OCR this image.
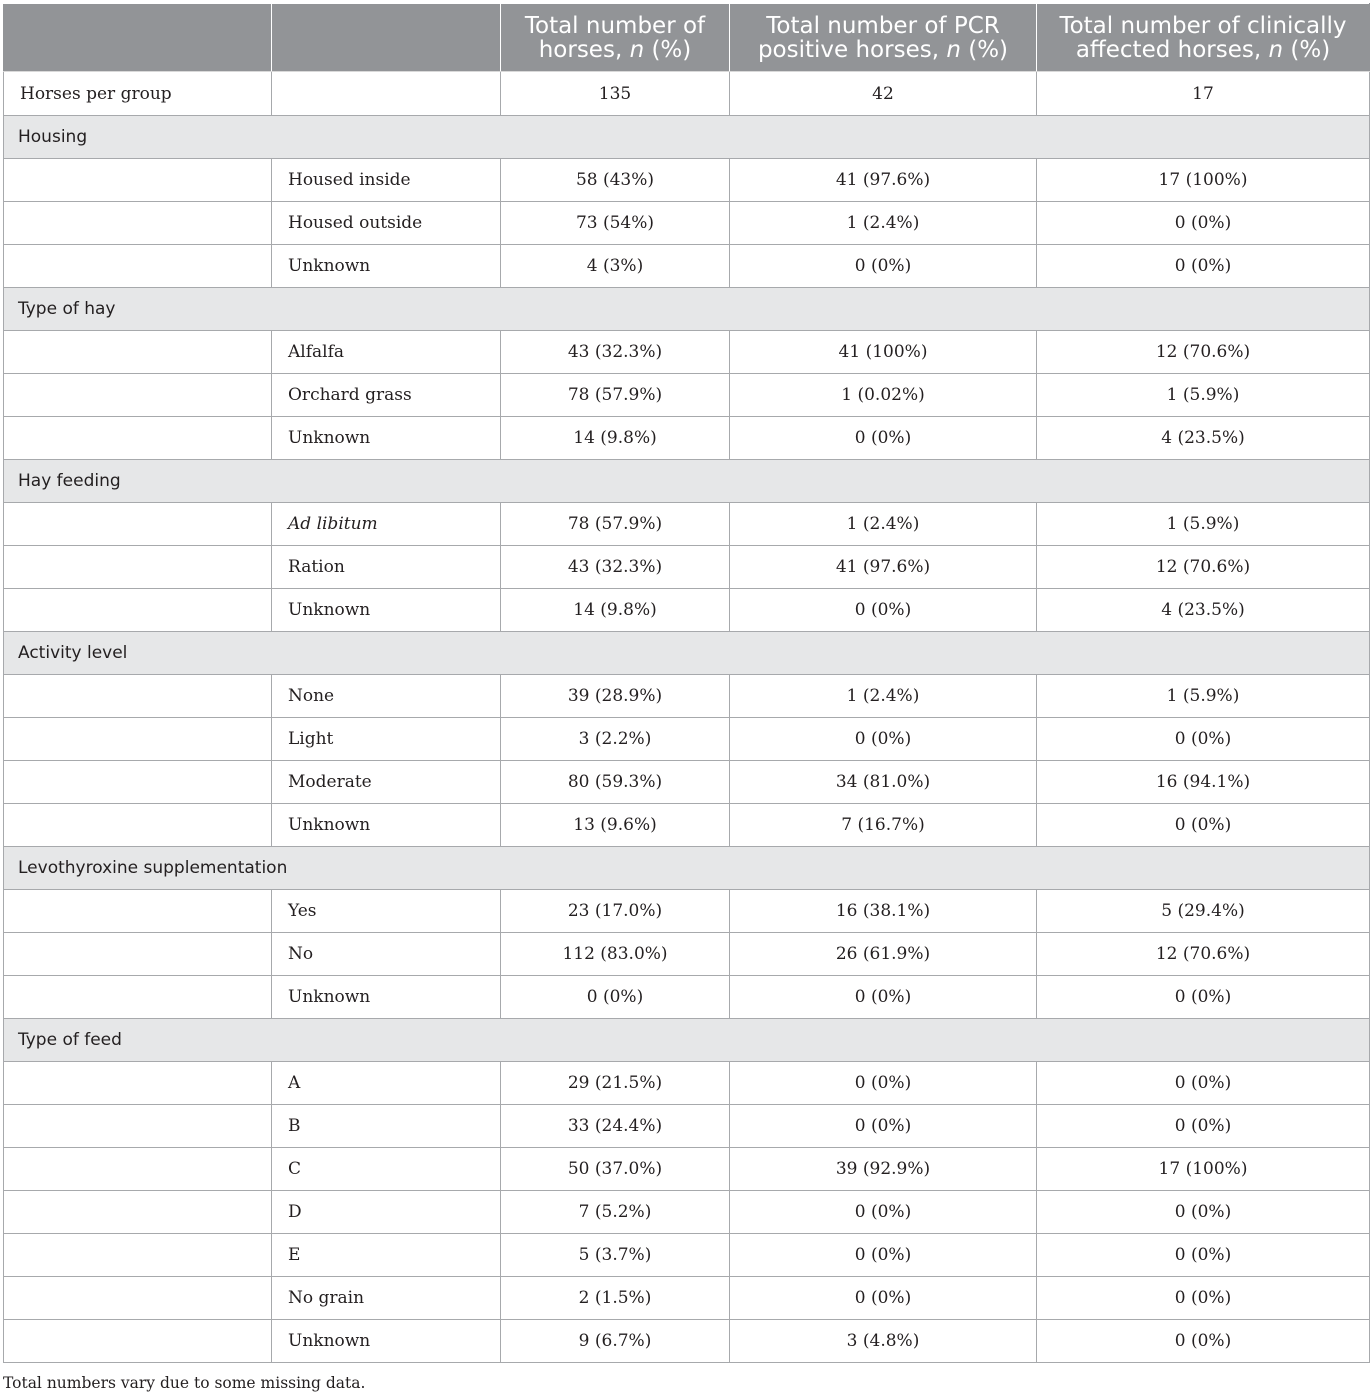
		Total number of horses, n (%)	Total number of PCR positive horses, n (%)	Total number of clinically affected horses, n (%)
Horses per group		135	42	17
Housing				
	Housed inside	58 (43%)	41 (97.6%)	17 (100%)
	Housed outside	73 (54%)	1 (2.4%)	0 (0%)
	Unknown	4 (3%)	0 (0%)	0 (0%)
Type of hay				
	Alfalfa	43 (32.3%)	41 (100%)	12 (70.6%)
	Orchard grass	78 (57.9%)	1 (0.02%)	1 (5.9%)
	Unknown	14 (9.8%)	0 (0%)	4 (23.5%)
Hay feeding				
	Ad libitum	78 (57.9%)	1 (2.4%)	1 (5.9%)
	Ration	43 (32.3%)	41 (97.6%)	12 (70.6%)
	Unknown	14 (9.8%)	0 (0%)	4 (23.5%)
Activity level				
	None	39 (28.9%)	1 (2.4%)	1 (5.9%)
	Light	3 (2.2%)	0 (0%)	0 (0%)
	Moderate	80 (59.3%)	34 (81.0%)	16 (94.1%)
	Unknown	13 (9.6%)	7 (16.7%)	0 (0%)
Levothyroxine supplementation				
	Yes	23 (17.0%)	16 (38.1%)	5 (29.4%)
	No	112 (83.0%)	26 (61.9%)	12 (70.6%)
	Unknown	0 (0%)	0 (0%)	0 (0%)
Type of feed				
	A	29 (21.5%)	0 (0%)	0 (0%)
	B	33 (24.4%)	0 (0%)	0 (0%)
	C	50 (37.0%)	39 (92.9%)	17 (100%)
	D	7 (5.2%)	0 (0%)	0 (0%)
	E	5 (3.7%)	0 (0%)	0 (0%)
	No grain	2 (1.5%)	0 (0%)	0 (0%)
	Unknown	9 (6.7%)	3 (4.8%)	0 (0%)
Total numbers vary due to some missing data.
